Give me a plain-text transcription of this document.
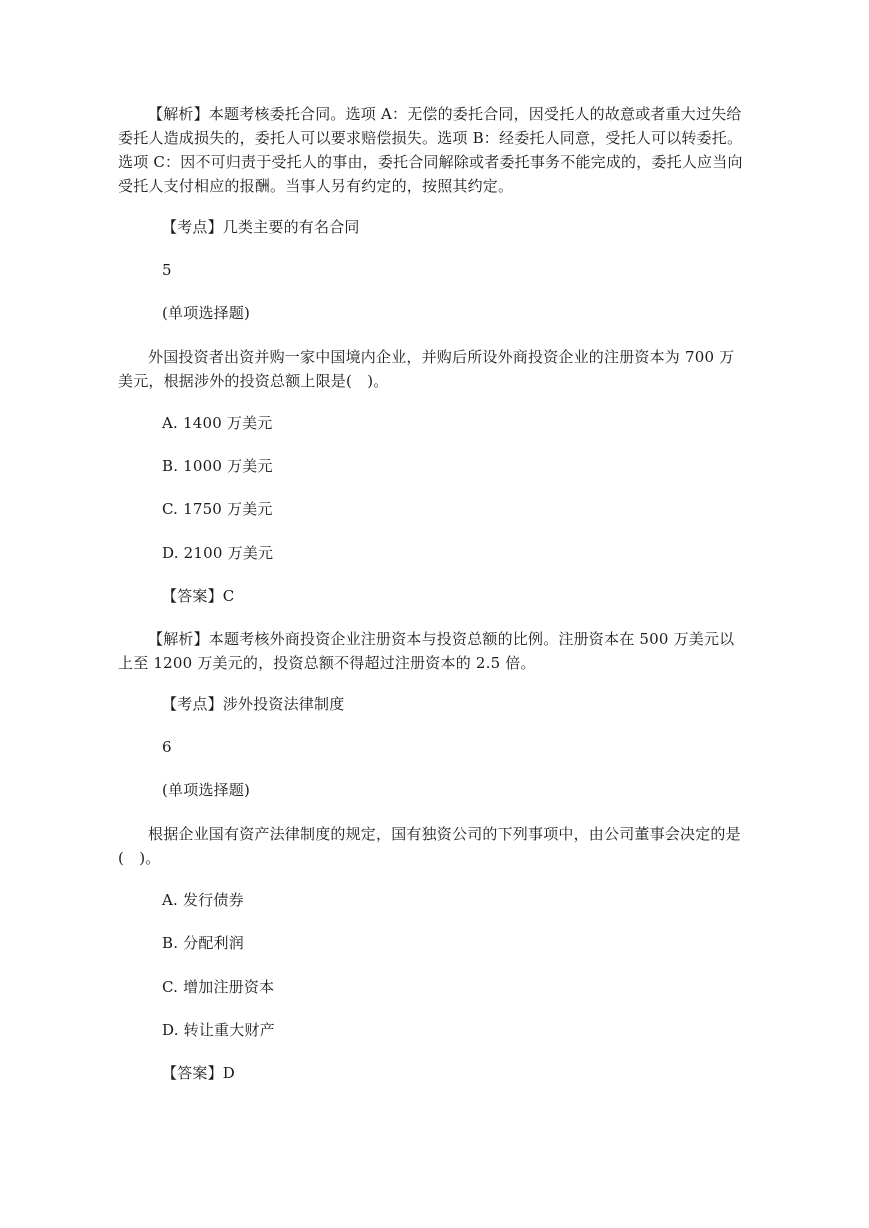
【解析】本题考核委托合同。选项 A：无偿的委托合同，因受托人的故意或者重大过失给委托人造成损失的，委托人可以要求赔偿损失。选项 B：经委托人同意，受托人可以转委托。选项 C：因不可归责于受托人的事由，委托合同解除或者委托事务不能完成的，委托人应当向受托人支付相应的报酬。当事人另有约定的，按照其约定。

【考点】几类主要的有名合同

5

(单项选择题)

外国投资者出资并购一家中国境内企业，并购后所设外商投资企业的注册资本为 700 万美元，根据涉外的投资总额上限是(　)。

A. 1400 万美元

B. 1000 万美元

C. 1750 万美元

D. 2100 万美元

【答案】C

【解析】本题考核外商投资企业注册资本与投资总额的比例。注册资本在 500 万美元以上至 1200 万美元的，投资总额不得超过注册资本的 2.5 倍。

【考点】涉外投资法律制度

6

(单项选择题)

根据企业国有资产法律制度的规定，国有独资公司的下列事项中，由公司董事会决定的是(　)。

A. 发行债券

B. 分配利润

C. 增加注册资本

D. 转让重大财产

【答案】D
